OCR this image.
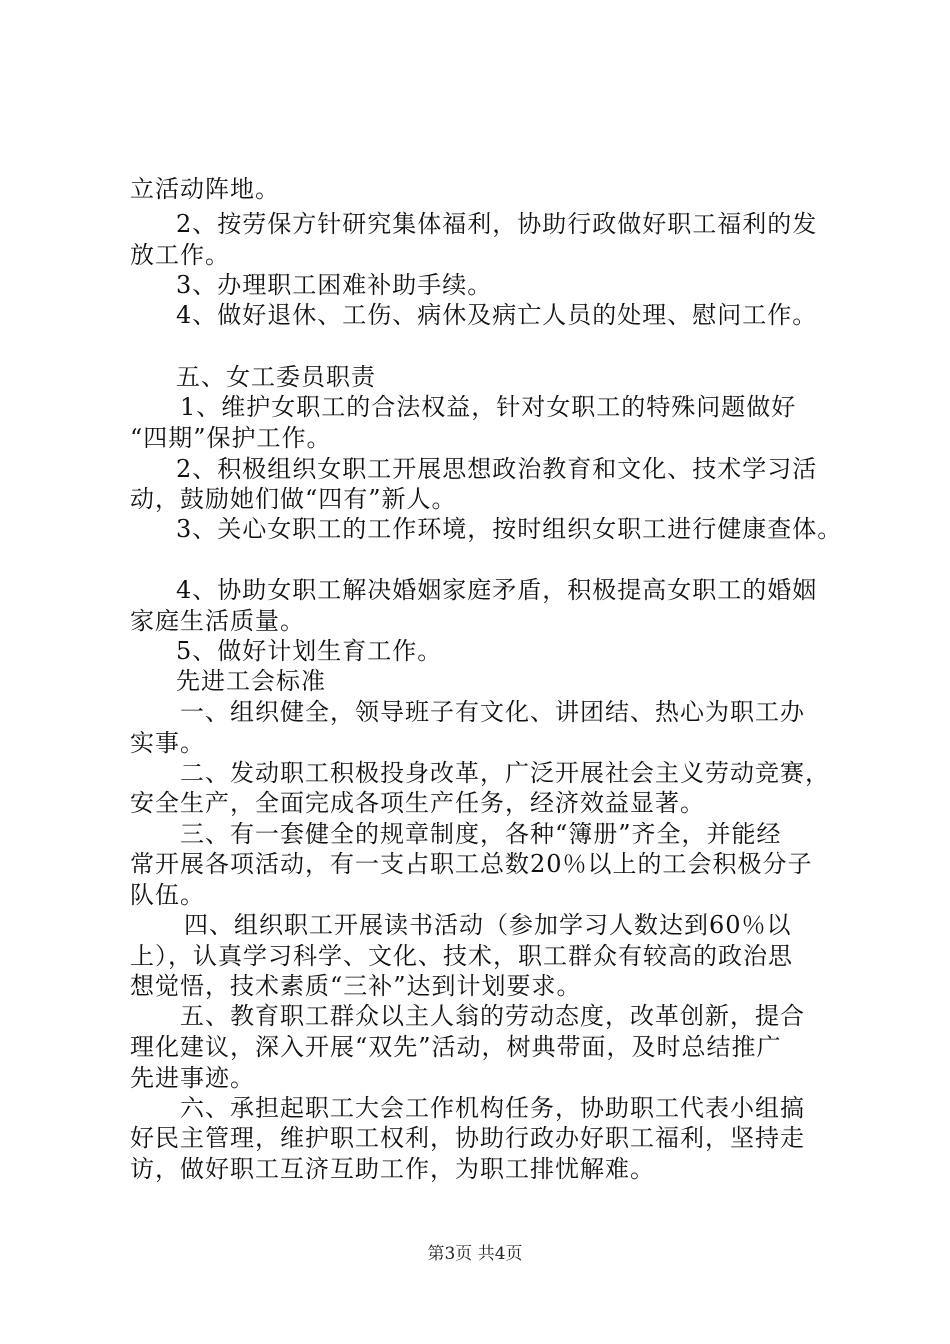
立活动阵地。
2、按劳保方针研究集体福利，协助行政做好职工福利的发
放工作。
3、办理职工困难补助手续。
4、做好退休、工伤、病休及病亡人员的处理、慰问工作。
五、女工委员职责
1、维护女职工的合法权益，针对女职工的特殊问题做好
“四期”保护工作。
2、积极组织女职工开展思想政治教育和文化、技术学习活
动，鼓励她们做“四有”新人。
3、关心女职工的工作环境，按时组织女职工进行健康查体。
4、协助女职工解决婚姻家庭矛盾，积极提高女职工的婚姻
家庭生活质量。
5、做好计划生育工作。
先进工会标准
一、组织健全，领导班子有文化、讲团结、热心为职工办
实事。
二、发动职工积极投身改革，广泛开展社会主义劳动竞赛，
安全生产，全面完成各项生产任务，经济效益显著。
三、有一套健全的规章制度，各种“簿册”齐全，并能经
常开展各项活动，有一支占职工总数20％以上的工会积极分子
队伍。
四、组织职工开展读书活动（参加学习人数达到60％以
上），认真学习科学、文化、技术，职工群众有较高的政治思
想觉悟，技术素质“三补”达到计划要求。
五、教育职工群众以主人翁的劳动态度，改革创新，提合
理化建议，深入开展“双先”活动，树典带面，及时总结推广
先进事迹。
六、承担起职工大会工作机构任务，协助职工代表小组搞
好民主管理，维护职工权利，协助行政办好职工福利，坚持走
访，做好职工互济互助工作，为职工排忧解难。
第3页 共4页
